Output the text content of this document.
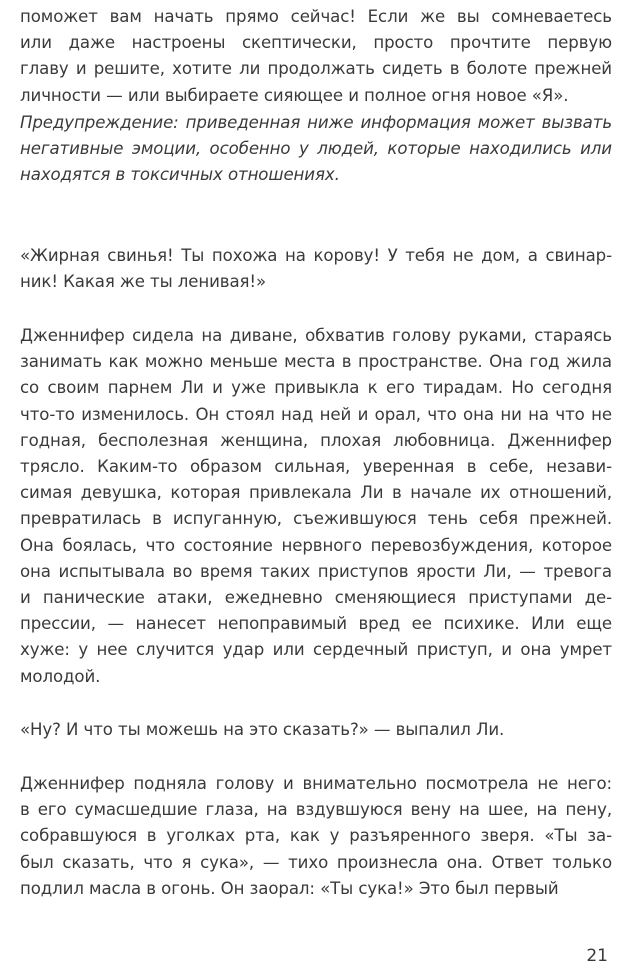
поможет вам начать прямо сейчас! Если же вы сомневаетесь
или даже настроены скептически, просто прочтите первую
главу и решите, хотите ли продолжать сидеть в болоте прежней
личности — или выбираете сияющее и полное огня новое «Я».

Предупреждение: приведенная ниже информация может вызвать
негативные эмоции, особенно у людей, которые находились или
находятся в токсичных отношениях.

«Жирная свинья! Ты похожа на корову! У тебя не дом, а свинар-
ник! Какая же ты ленивая!»

Дженнифер сидела на диване, обхватив голову руками, стараясь
занимать как можно меньше места в пространстве. Она год жила
со своим парнем Ли и уже привыкла к его тирадам. Но сегодня
что-то изменилось. Он стоял над ней и орал, что она ни на что не
годная, бесполезная женщина, плохая любовница. Дженнифер
трясло. Каким-то образом сильная, уверенная в себе, незави-
симая девушка, которая привлекала Ли в начале их отношений,
превратилась в испуганную, съежившуюся тень себя прежней.
Она боялась, что состояние нервного перевозбуждения, которое
она испытывала во время таких приступов ярости Ли, — тревога
и панические атаки, ежедневно сменяющиеся приступами де-
прессии, — нанесет непоправимый вред ее психике. Или еще
хуже: у нее случится удар или сердечный приступ, и она умрет
молодой.

«Ну? И что ты можешь на это сказать?» — выпалил Ли.

Дженнифер подняла голову и внимательно посмотрела не него:
в его сумасшедшие глаза, на вздувшуюся вену на шее, на пену,
собравшуюся в уголках рта, как у разъяренного зверя. «Ты за-
был сказать, что я сука», — тихо произнесла она. Ответ только
подлил масла в огонь. Он заорал: «Ты сука!» Это был первый

21
